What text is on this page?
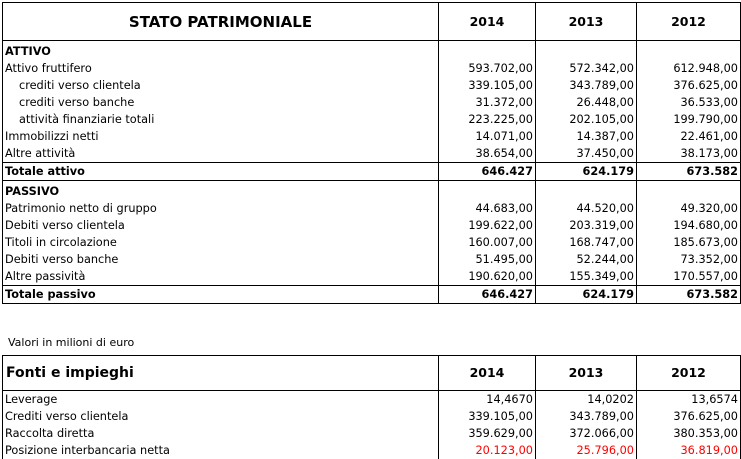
STATO PATRIMONIALE	2014	2013	2012
ATTIVO			
Attivo fruttifero	593.702,00	572.342,00	612.948,00
crediti verso clientela	339.105,00	343.789,00	376.625,00
crediti verso banche	31.372,00	26.448,00	36.533,00
attività finanziarie totali	223.225,00	202.105,00	199.790,00
Immobilizzi netti	14.071,00	14.387,00	22.461,00
Altre attività	38.654,00	37.450,00	38.173,00
Totale attivo	646.427	624.179	673.582
PASSIVO			
Patrimonio netto di gruppo	44.683,00	44.520,00	49.320,00
Debiti verso clientela	199.622,00	203.319,00	194.680,00
Titoli in circolazione	160.007,00	168.747,00	185.673,00
Debiti verso banche	51.495,00	52.244,00	73.352,00
Altre passività	190.620,00	155.349,00	170.557,00
Totale passivo	646.427	624.179	673.582
Valori in milioni di euro
Fonti e impieghi	2014	2013	2012
Leverage	14,4670	14,0202	13,6574
Crediti verso clientela	339.105,00	343.789,00	376.625,00
Raccolta diretta	359.629,00	372.066,00	380.353,00
Posizione interbancaria netta	20.123,00	25.796,00	36.819,00
